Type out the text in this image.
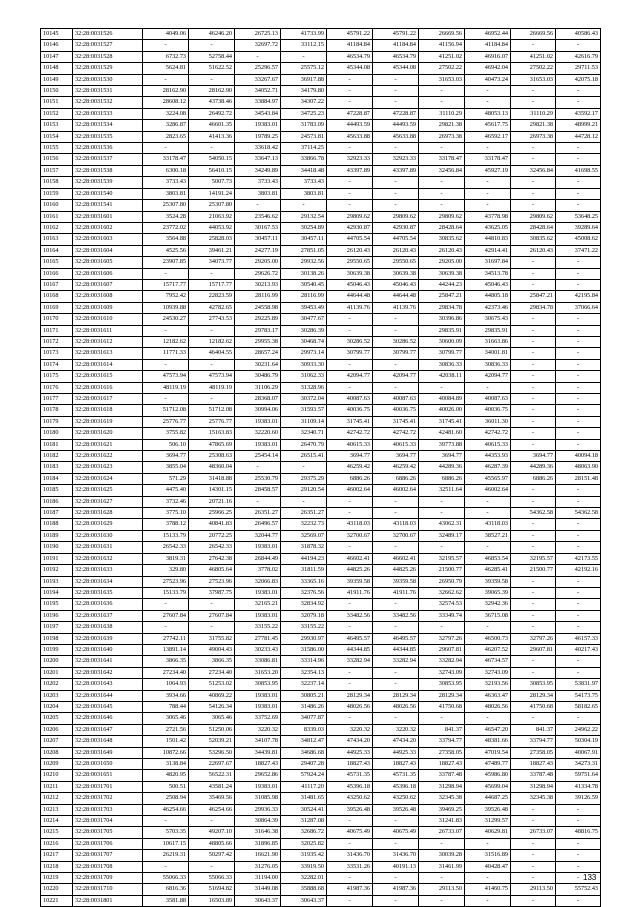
10145	32:28:0031526	4049.06	46246.20	26725.13	41733.99	45791.22	45791.22	26669.56	46952.44	26669.56	40586.43
10146	32:28:0031527	-	-	32697.72	33112.15	41184.84	41184.84	41156.94	41184.84	-	-
10147	32:28:0031528	6732.73	52758.44	-	-	46534.79	46534.79	41251.02	46916.07	41251.02	42616.79
10148	32:28:0031529	5624.81	51622.52	25296.57	25575.12	45344.08	45344.08	27502.22	46942.04	27502.22	29711.53
10149	32:28:0031530	-	-	33267.67	36917.88	-	-	31653.03	40473.24	31653.03	42075.18
10150	32:28:0031531	28162.90	28162.90	34052.71	34179.80	-	-	-	-	-	-
10151	32:28:0031532	28608.12	43738.46	33884.97	34307.22	-	-	-	-	-	-
10152	32:28:0031533	3224.08	26492.72	34543.84	34725.23	47228.87	47228.87	31110.29	48053.13	31110.29	43592.17
10153	32:28:0031534	3286.87	46601.35	19383.01	31783.09	44493.59	44493.59	29821.38	45617.75	29821.38	48999.21
10154	32:28:0031535	2823.65	41413.36	19789.25	24573.81	45633.88	45633.88	26973.38	46592.17	26973.38	44728.12
10155	32:28:0031536	-	-	33618.42	37114.25	-	-	-	-	-	-
10156	32:28:0031537	33178.47	54050.15	33647.13	33866.78	32923.33	32923.33	33178.47	33178.47	-	-
10157	32:28:0031538	6300.18	56410.15	34249.89	34418.48	43397.89	43397.89	32456.84	45927.19	32456.84	41698.55
10158	32:28:0031539	3733.43	5007.73	3733.43	3733.43	-	-	-	-	-	-
10159	32:28:0031540	3803.81	14191.24	3803.81	3803.81	-	-	-	-	-	-
10160	32:28:0031541	25307.80	25307.80	-	-	-	-	-	-	-	-
10161	32:28:0031601	3524.28	21063.92	23546.62	29132.54	29809.62	29809.62	29809.62	43778.98	29809.62	53648.25
10162	32:28:0031602	23772.02	44053.92	30167.53	30254.89	42930.87	42930.87	28428.64	43625.05	28428.64	39289.64
10163	32:28:0031603	3564.88	25828.03	30457.11	30457.11	44705.54	44705.54	30835.62	44810.83	30835.62	45008.62
10164	32:28:0031604	4525.56	39461.21	24277.19	27851.05	26120.43	26120.43	26120.43	42914.41	26120.43	37471.22
10165	32:28:0031605	23907.85	34073.77	29205.00	29932.56	29550.65	29550.65	29205.00	31697.84	-	-
10166	32:28:0031606	-	-	29626.72	30138.26	30639.38	30639.38	30639.38	34513.78	-	-
10167	32:28:0031607	15717.77	15717.77	30213.93	30540.45	45046.43	45046.43	44244.23	45046.43	-	-
10168	32:28:0031608	7952.42	22823.59	28116.99	28116.99	44644.48	44644.48	25847.21	44805.18	25847.21	42195.84
10169	32:28:0031609	10939.88	42782.65	24558.98	39453.49	41139.76	41139.76	29834.78	42373.46	29834.78	37066.64
10170	32:28:0031610	24530.27	27743.53	29225.89	30477.67	-	-	30396.86	30675.43	-	-
10171	32:28:0031611	-	-	29783.17	30286.39	-	-	29835.91	29835.91	-	-
10172	32:28:0031612	12182.62	12182.62	29955.38	30468.74	30286.52	30286.52	30600.09	31663.86	-	-
10173	32:28:0031613	11771.33	46404.55	28657.24	29973.14	30799.77	30799.77	30799.77	34001.81	-	-
10174	32:28:0031614	-	-	30231.64	30933.30	-	-	30836.33	30836.33	-	-
10175	32:28:0031615	47573.94	47573.94	30486.79	31062.33	42094.77	42094.77	42038.11	42094.77	-	-
10176	32:28:0031616	48119.19	48119.19	31106.29	31328.96	-	-	-	-	-	-
10177	32:28:0031617	-	-	28368.07	30372.04	40087.63	40087.63	40084.89	40087.63	-	-
10178	32:28:0031618	51712.08	51712.08	30994.06	31593.57	40036.75	40036.75	40026.00	40036.75	-	-
10179	32:28:0031619	25776.77	25776.77	19383.01	31109.14	31745.41	31745.41	31745.41	36011.30	-	-
10180	32:28:0031620	3755.82	15163.83	32220.60	32340.71	42742.72	42742.72	42481.60	42742.72	-	-
10181	32:28:0031621	506.10	47865.69	19383.01	26470.79	40615.33	40615.33	39773.88	40615.33	-	-
10182	32:28:0031622	3694.77	25308.63	25454.14	26515.41	3694.77	3694.77	3694.77	44353.93	3694.77	40094.18
10183	32:28:0031623	3855.04	48360.04	-	-	46259.42	46259.42	44289.36	46287.39	44289.36	48063.90
10184	32:28:0031624	571.29	31418.88	25530.79	29375.29	6886.26	6886.26	6886.26	45565.97	6886.26	28151.48
10185	32:28:0031625	4475.40	14301.15	28458.57	29120.54	46002.64	46002.64	32511.64	46002.64	-	-
10186	32:28:0031627	3732.46	20721.16	-	-	-	-	-	-	-	-
10187	32:28:0031628	3775.10	25966.25	26351.27	26351.27	-	-	-	-	54362.58	54362.58
10188	32:28:0031629	3788.12	40841.83	26496.57	32232.73	43118.03	43118.03	43062.31	43118.03	-	-
10189	32:28:0031630	15133.79	20772.25	32044.77	32569.07	32700.67	32700.67	32489.17	38527.21	-	-
10190	32:28:0031631	26542.33	26542.33	19383.01	31878.32	-	-	-	-	-	-
10191	32:28:0031632	3819.31	27642.38	26844.49	44194.23	46602.41	46602.41	32195.57	46853.54	32195.57	42173.55
10192	32:28:0031633	329.80	46805.64	3778.02	31811.59	44825.26	44825.26	21500.77	46285.41	21500.77	42192.16
10193	32:28:0031634	27523.96	27523.96	32066.83	33365.16	39359.58	39359.58	26950.79	39359.58	-	-
10194	32:28:0031635	15133.79	37987.75	19383.01	32376.56	41911.76	41911.76	32662.62	39065.39	-	-
10195	32:28:0031636	-	-	32165.21	32834.92	-	-	32574.53	32942.36	-	-
10196	32:28:0031637	27607.84	27607.84	19383.01	32079.18	33482.56	33482.56	33349.74	36715.08	-	-
10197	32:28:0031638	-	-	33155.22	33155.22	-	-	-	-	-	-
10198	32:28:0031639	27742.11	31755.82	27781.45	29930.97	46495.57	46495.57	32797.26	46500.73	32797.26	46157.33
10199	32:28:0031640	13891.14	49004.43	30233.43	31586.00	44344.85	44344.85	29607.81	46207.52	29607.81	40217.43
10200	32:28:0031641	3866.35	3866.35	33086.81	33314.96	33282.94	33282.94	33282.94	46734.57	-	-
10201	32:28:0031642	27234.40	27234.40	31653.20	32354.13	-	-	32743.09	32743.09	-	-
10202	32:28:0031643	1064.93	51253.02	30853.95	32237.14	-	-	30853.95	32193.56	30853.95	53831.97
10203	32:28:0031644	3934.66	40869.22	19383.01	30805.21	28129.34	28129.34	28129.34	46363.47	28129.34	54173.75
10204	32:28:0031645	788.44	54126.34	19383.01	31486.26	48026.56	48026.56	41750.68	48026.56	41750.68	58182.65
10205	32:28:0031646	3065.46	3065.46	33752.69	34077.87	-	-	-	-	-	-
10206	32:28:0031647	2721.56	51250.06	3220.32	8339.03	3220.32	3220.32	841.37	46547.20	841.37	24962.22
10207	32:28:0031648	1501.42	52039.21	34107.78	34812.47	47434.20	47434.20	33794.77	48381.66	33794.77	50304.19
10208	32:28:0031649	10872.66	53296.50	34439.81	34686.68	44925.33	44925.33	27358.05	47019.54	27358.05	40067.91
10209	32:28:0031650	3138.84	22697.67	18827.43	29407.28	18827.43	18827.43	18827.43	47489.77	18827.43	34273.31
10210	32:28:0031651	4820.95	56522.31	29652.86	57924.24	45731.35	45731.35	33787.48	45986.80	33787.48	59751.64
10211	32:28:0031701	500.51	43581.24	19383.01	41117.20	45396.18	45396.18	31298.94	45699.04	31298.94	41334.78
10212	32:28:0031702	2508.94	35469.56	31085.98	31481.65	43250.62	43250.62	32345.38	44687.25	32345.38	39126.59
10213	32:28:0031703	46254.66	46254.66	29936.33	30524.41	39526.48	39526.48	39469.25	39526.48	-	-
10214	32:28:0031704	-	-	30864.39	31287.08	-	-	31241.83	31299.57	-	-
10215	32:28:0031705	5703.35	49207.10	31646.38	32686.72	40675.49	40675.49	26733.07	40629.81	26733.07	48816.75
10216	32:28:0031706	10617.15	48805.66	31896.85	32025.82	-	-	-	-	-	-
10217	32:28:0031707	26219.31	50297.42	16621.90	31935.42	31436.70	31436.70	30039.28	31516.89	-	-
10218	32:28:0031708	-	-	31276.05	33919.50	33531.26	40191.13	31461.99	40428.47	-	-
10219	32:28:0031709	55066.33	55066.33	31194.00	32282.01	-	-	-	-	-	-
10220	32:28:0031710	6816.36	51694.82	31449.08	35888.68	41987.36	41987.36	29113.50	41460.75	29113.50	55752.43
10221	32:28:0031801	3581.88	16503.89	30643.37	30643.37	-	-	-	-	-	-
133
